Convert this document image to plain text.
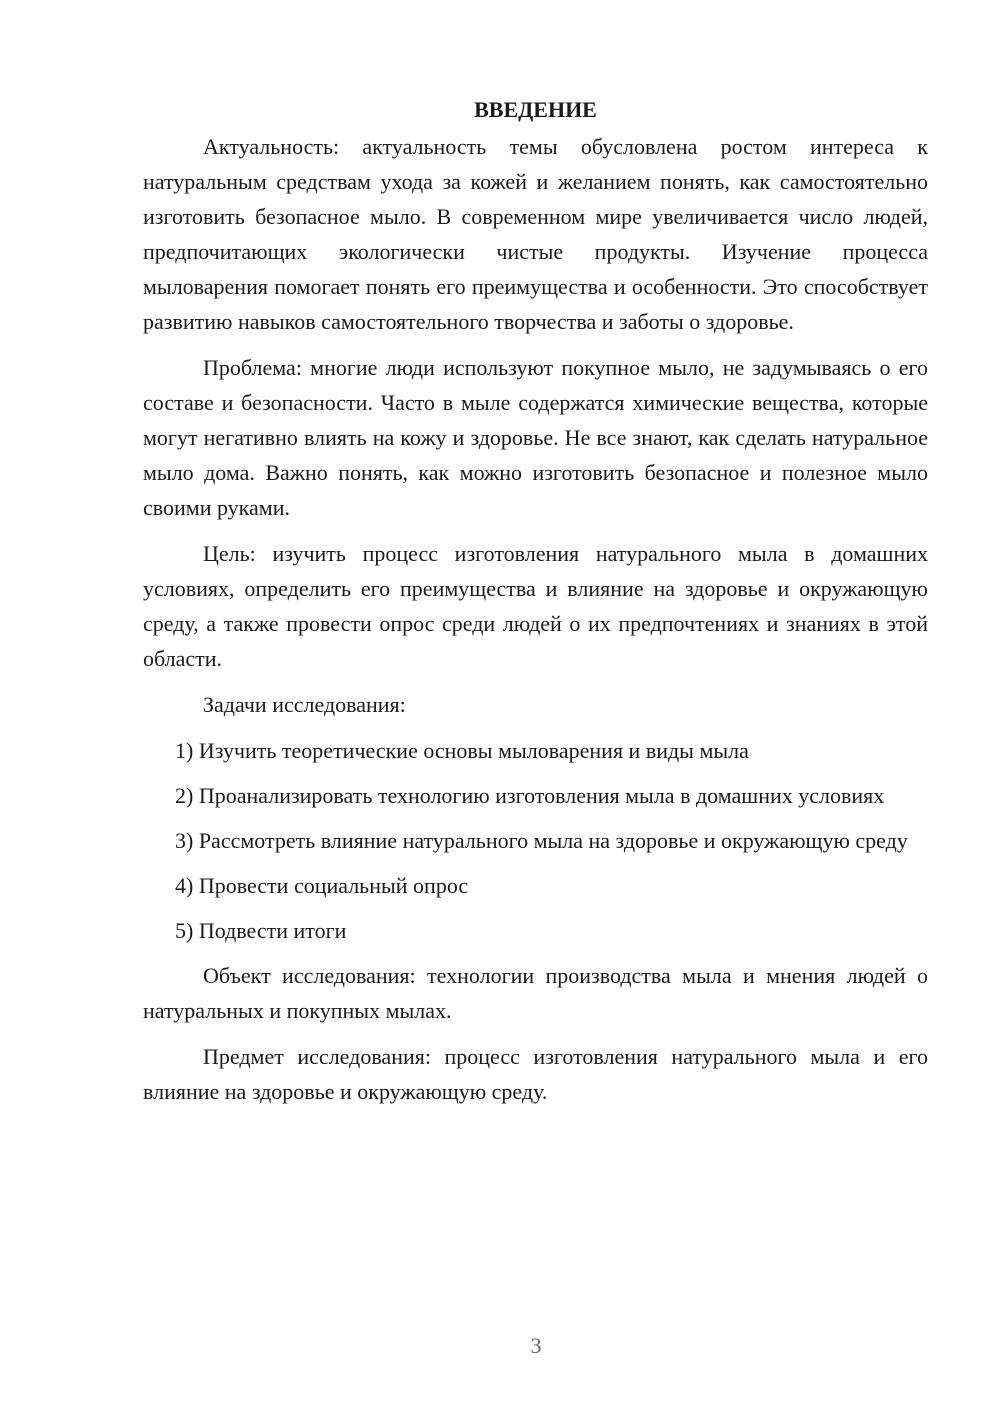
ВВЕДЕНИЕ

Актуальность: актуальность темы обусловлена ростом интереса к натуральным средствам ухода за кожей и желанием понять, как самостоятельно изготовить безопасное мыло. В современном мире увеличивается число людей, предпочитающих экологически чистые продукты. Изучение процесса мыловарения помогает понять его преимущества и особенности. Это способствует развитию навыков самостоятельного творчества и заботы о здоровье.

Проблема: многие люди используют покупное мыло, не задумываясь о его составе и безопасности. Часто в мыле содержатся химические вещества, которые могут негативно влиять на кожу и здоровье. Не все знают, как сделать натуральное мыло дома. Важно понять, как можно изготовить безопасное и полезное мыло своими руками.

Цель: изучить процесс изготовления натурального мыла в домашних условиях, определить его преимущества и влияние на здоровье и окружающую среду, а также провести опрос среди людей о их предпочтениях и знаниях в этой области.

Задачи исследования:

1) Изучить теоретические основы мыловарения и виды мыла

2) Проанализировать технологию изготовления мыла в домашних условиях

3) Рассмотреть влияние натурального мыла на здоровье и окружающую среду

4) Провести социальный опрос

5) Подвести итоги

Объект исследования: технологии производства мыла и мнения людей о натуральных и покупных мылах.

Предмет исследования: процесс изготовления натурального мыла и его влияние на здоровье и окружающую среду.

3
